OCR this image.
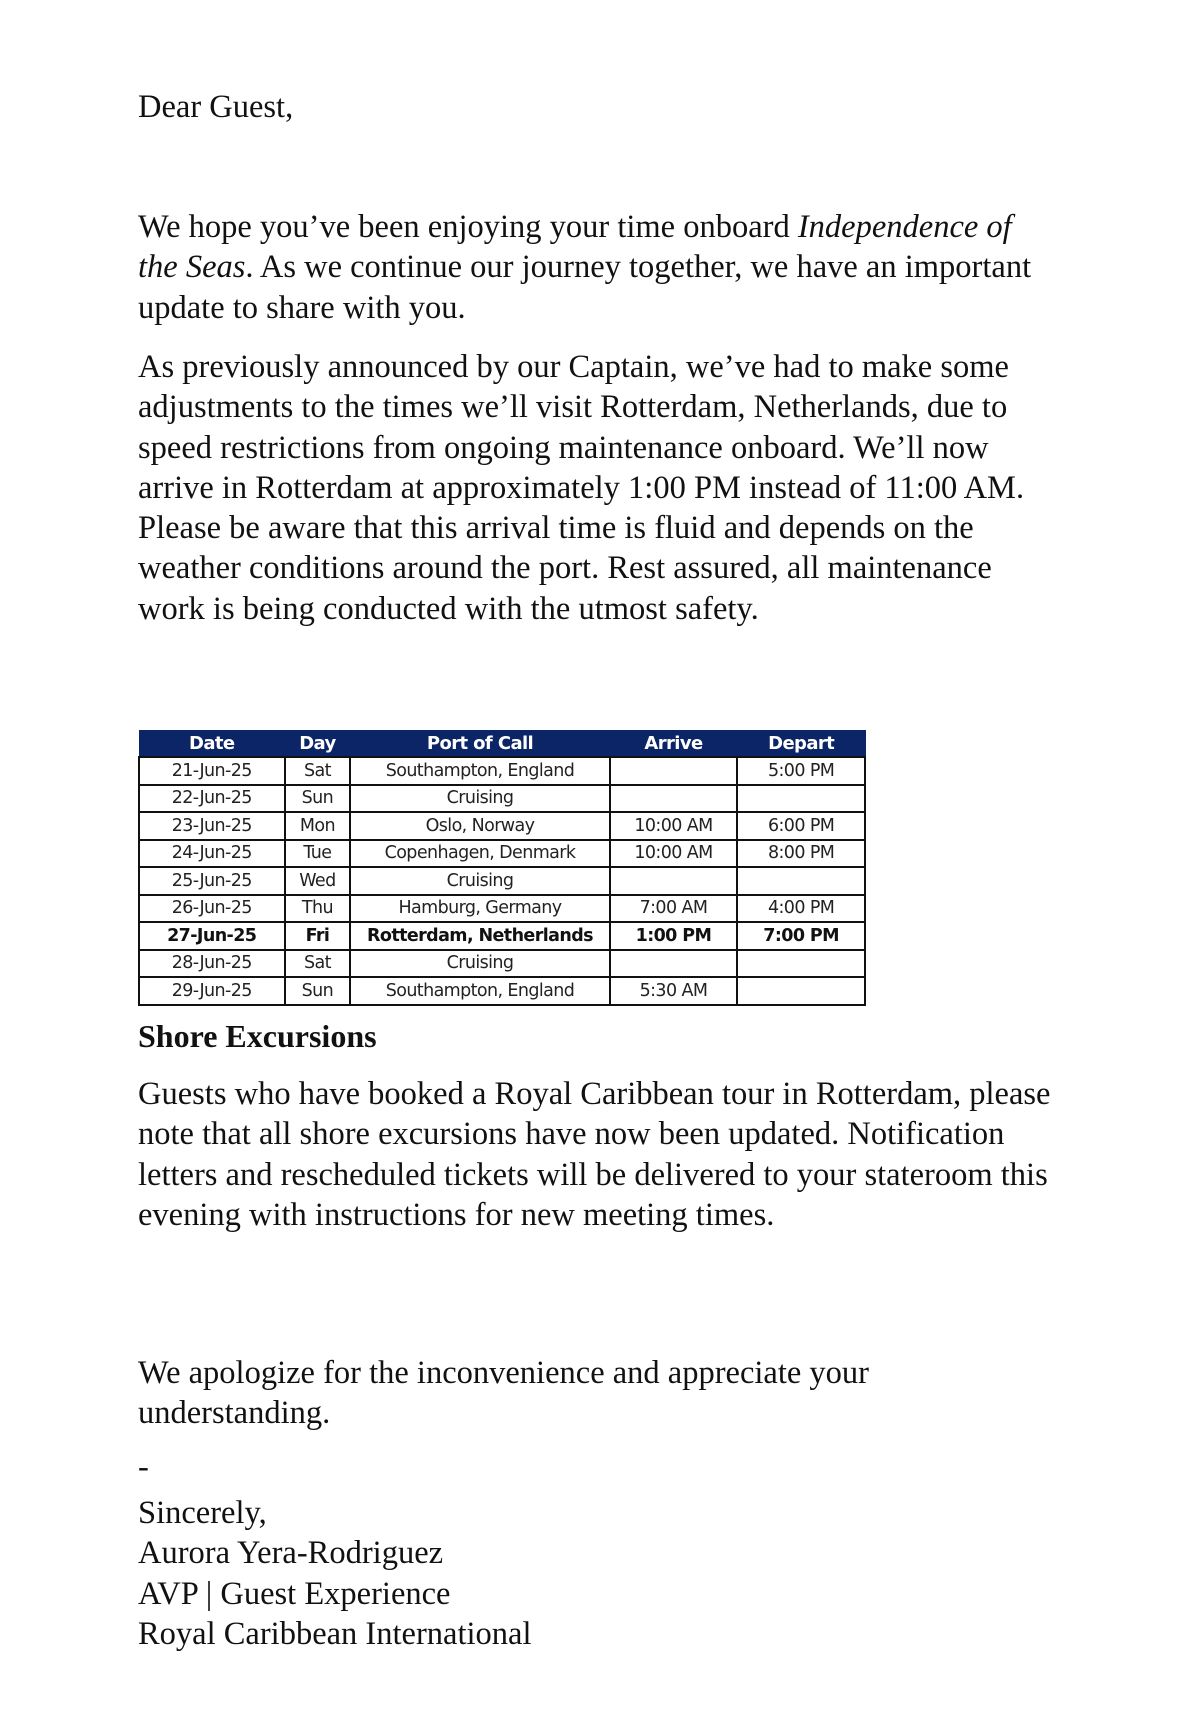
Dear Guest,

We hope you’ve been enjoying your time onboard Independence of the Seas. As we continue our journey together, we have an important update to share with you.

As previously announced by our Captain, we’ve had to make some adjustments to the times we’ll visit Rotterdam, Netherlands, due to speed restrictions from ongoing maintenance onboard. We’ll now arrive in Rotterdam at approximately 1:00 PM instead of 11:00 AM. Please be aware that this arrival time is fluid and depends on the weather conditions around the port. Rest assured, all maintenance work is being conducted with the utmost safety.

Date	Day	Port of Call	Arrive	Depart
21-Jun-25	Sat	Southampton, England		5:00 PM
22-Jun-25	Sun	Cruising		
23-Jun-25	Mon	Oslo, Norway	10:00 AM	6:00 PM
24-Jun-25	Tue	Copenhagen, Denmark	10:00 AM	8:00 PM
25-Jun-25	Wed	Cruising		
26-Jun-25	Thu	Hamburg, Germany	7:00 AM	4:00 PM
27-Jun-25	Fri	Rotterdam, Netherlands	1:00 PM	7:00 PM
28-Jun-25	Sat	Cruising		
29-Jun-25	Sun	Southampton, England	5:30 AM	

Shore Excursions

Guests who have booked a Royal Caribbean tour in Rotterdam, please note that all shore excursions have now been updated. Notification letters and rescheduled tickets will be delivered to your stateroom this evening with instructions for new meeting times.

We apologize for the inconvenience and appreciate your understanding.

-

Sincerely,
Aurora Yera-Rodriguez
AVP | Guest Experience
Royal Caribbean International
